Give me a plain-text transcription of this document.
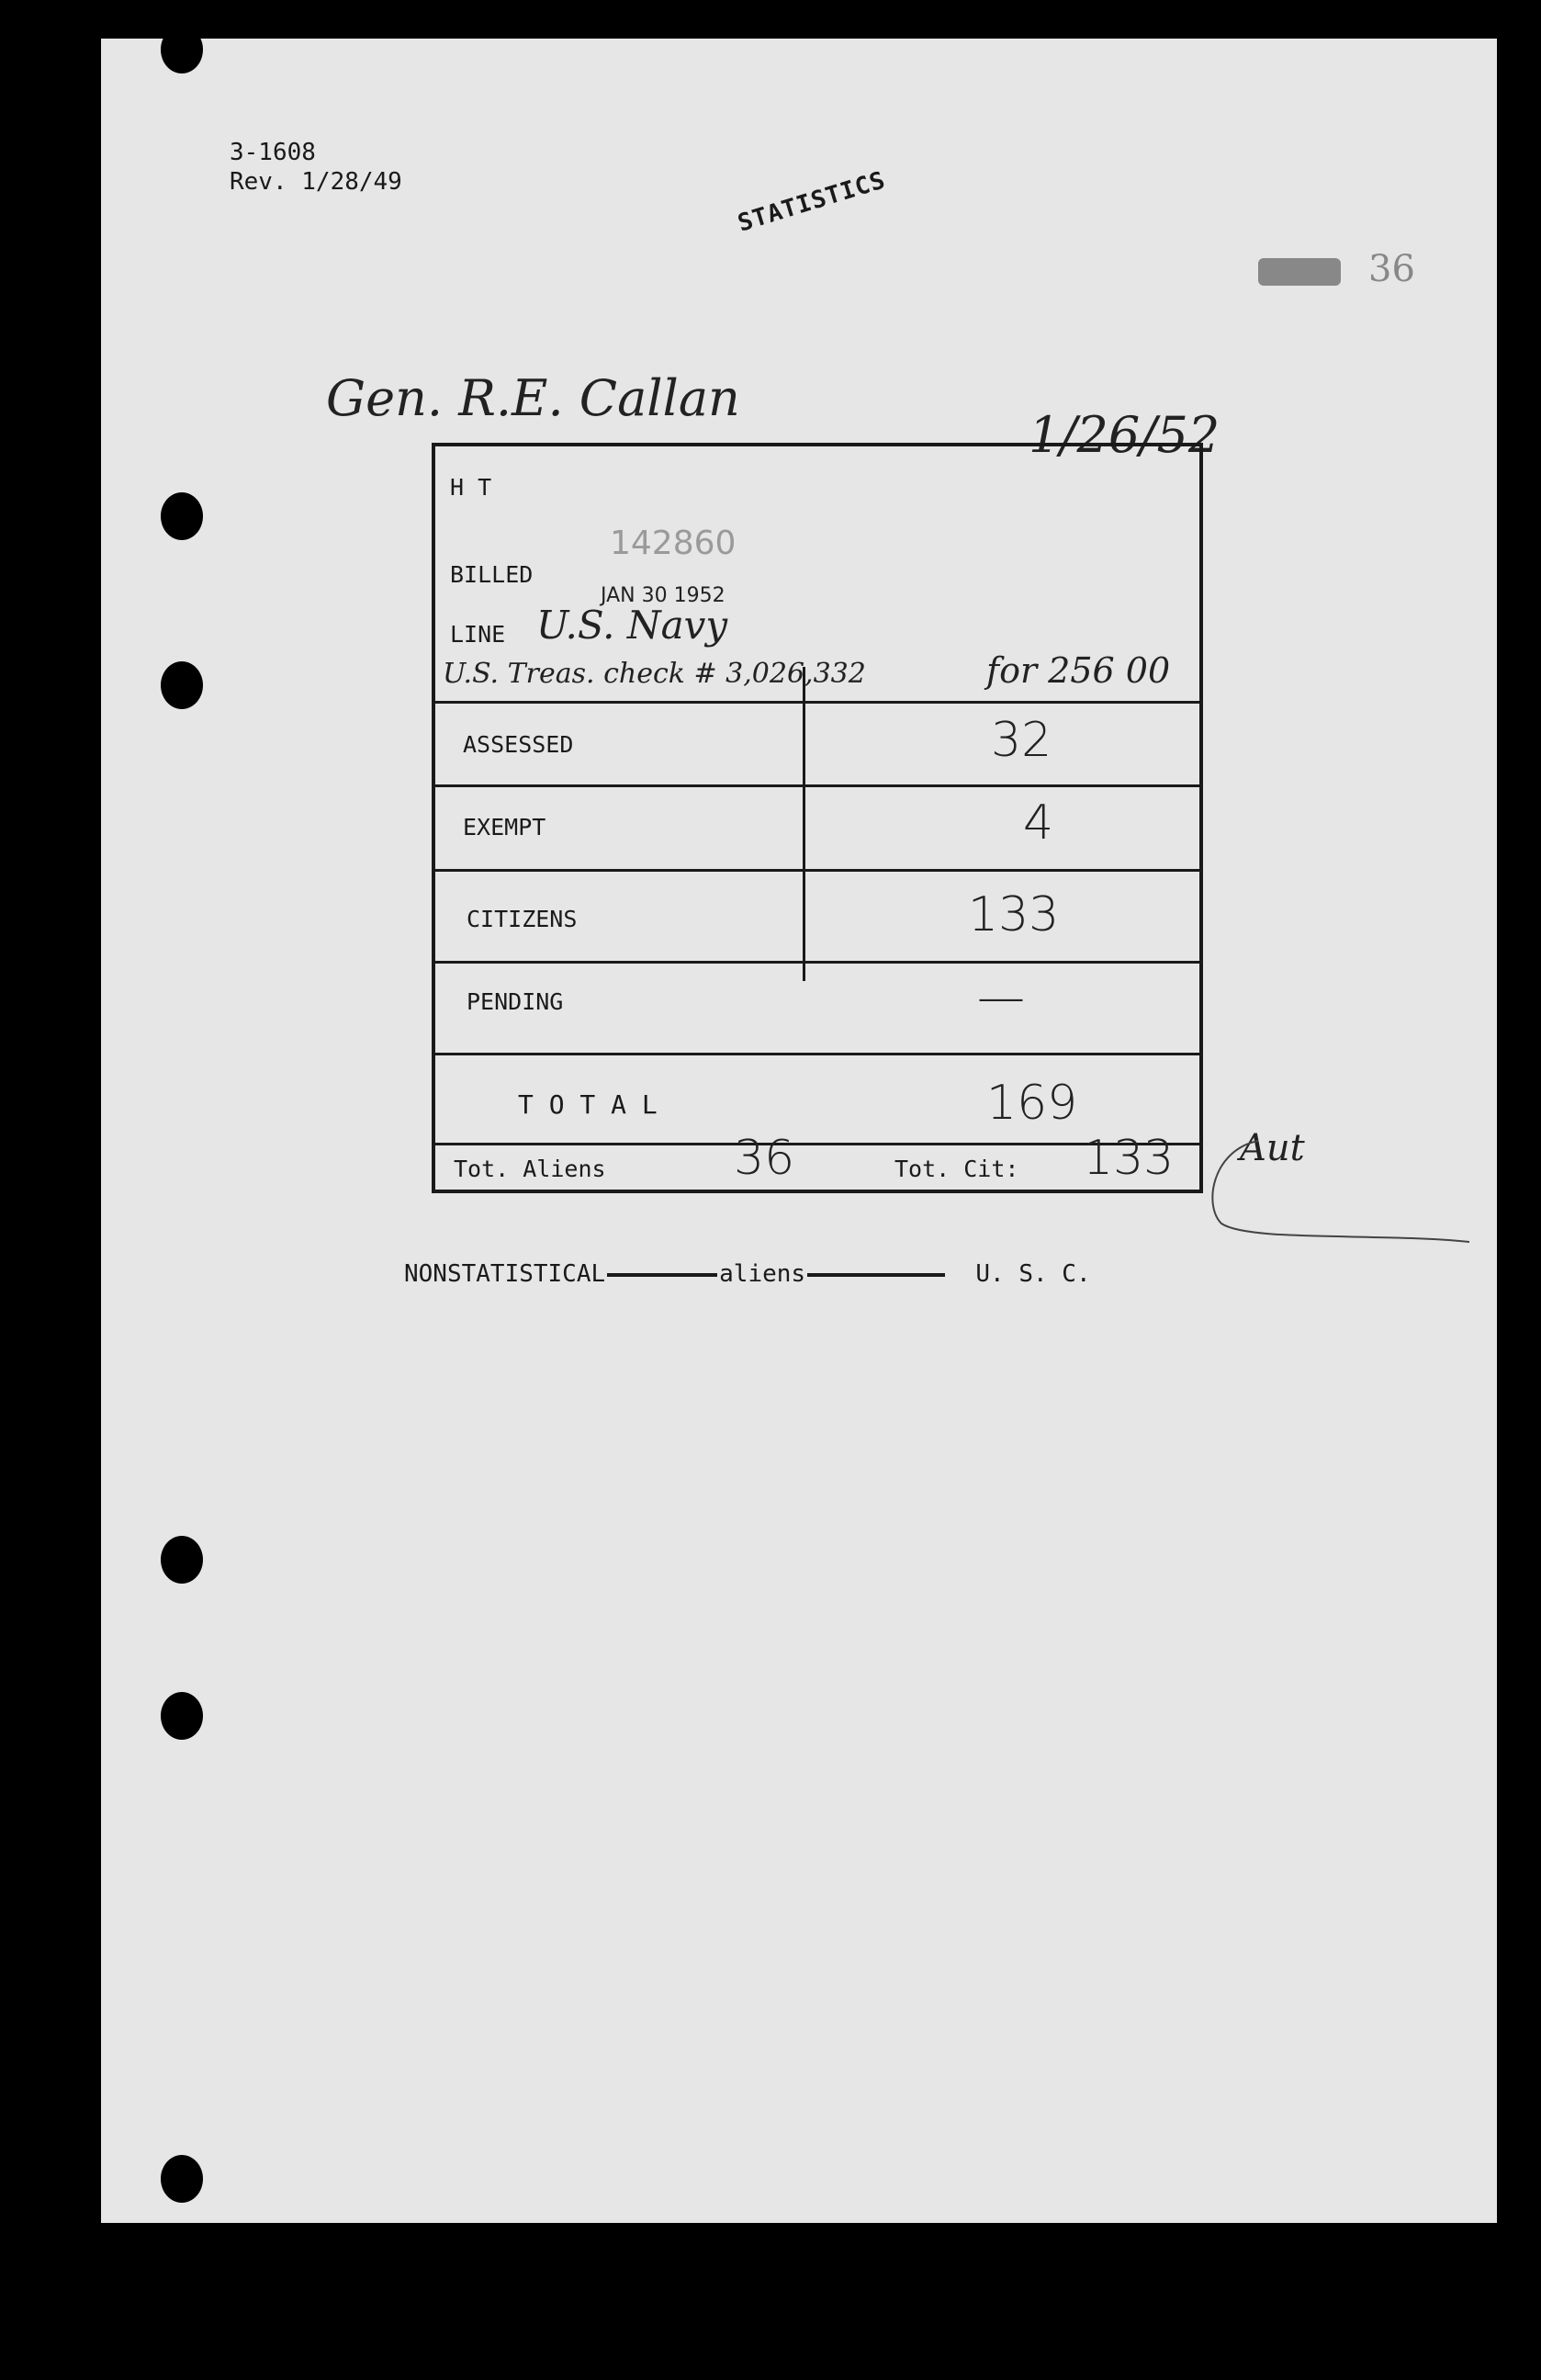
3-1608
Rev. 1/28/49	STATISTICS
36
Gen. R.E. Callan
1/26/52
H T
BILLED
142860
JAN 30 1952
LINE U.S. Navy
U.S. Treas. check # 3,026,332	for 256 00
ASSESSED	32
EXEMPT	4
CITIZENS	133
PENDING	—
T O T A L	169
Tot. Aliens	36	Tot. Cit: 133 Aut
NONSTATISTICAL	aliens	U. S. C.
